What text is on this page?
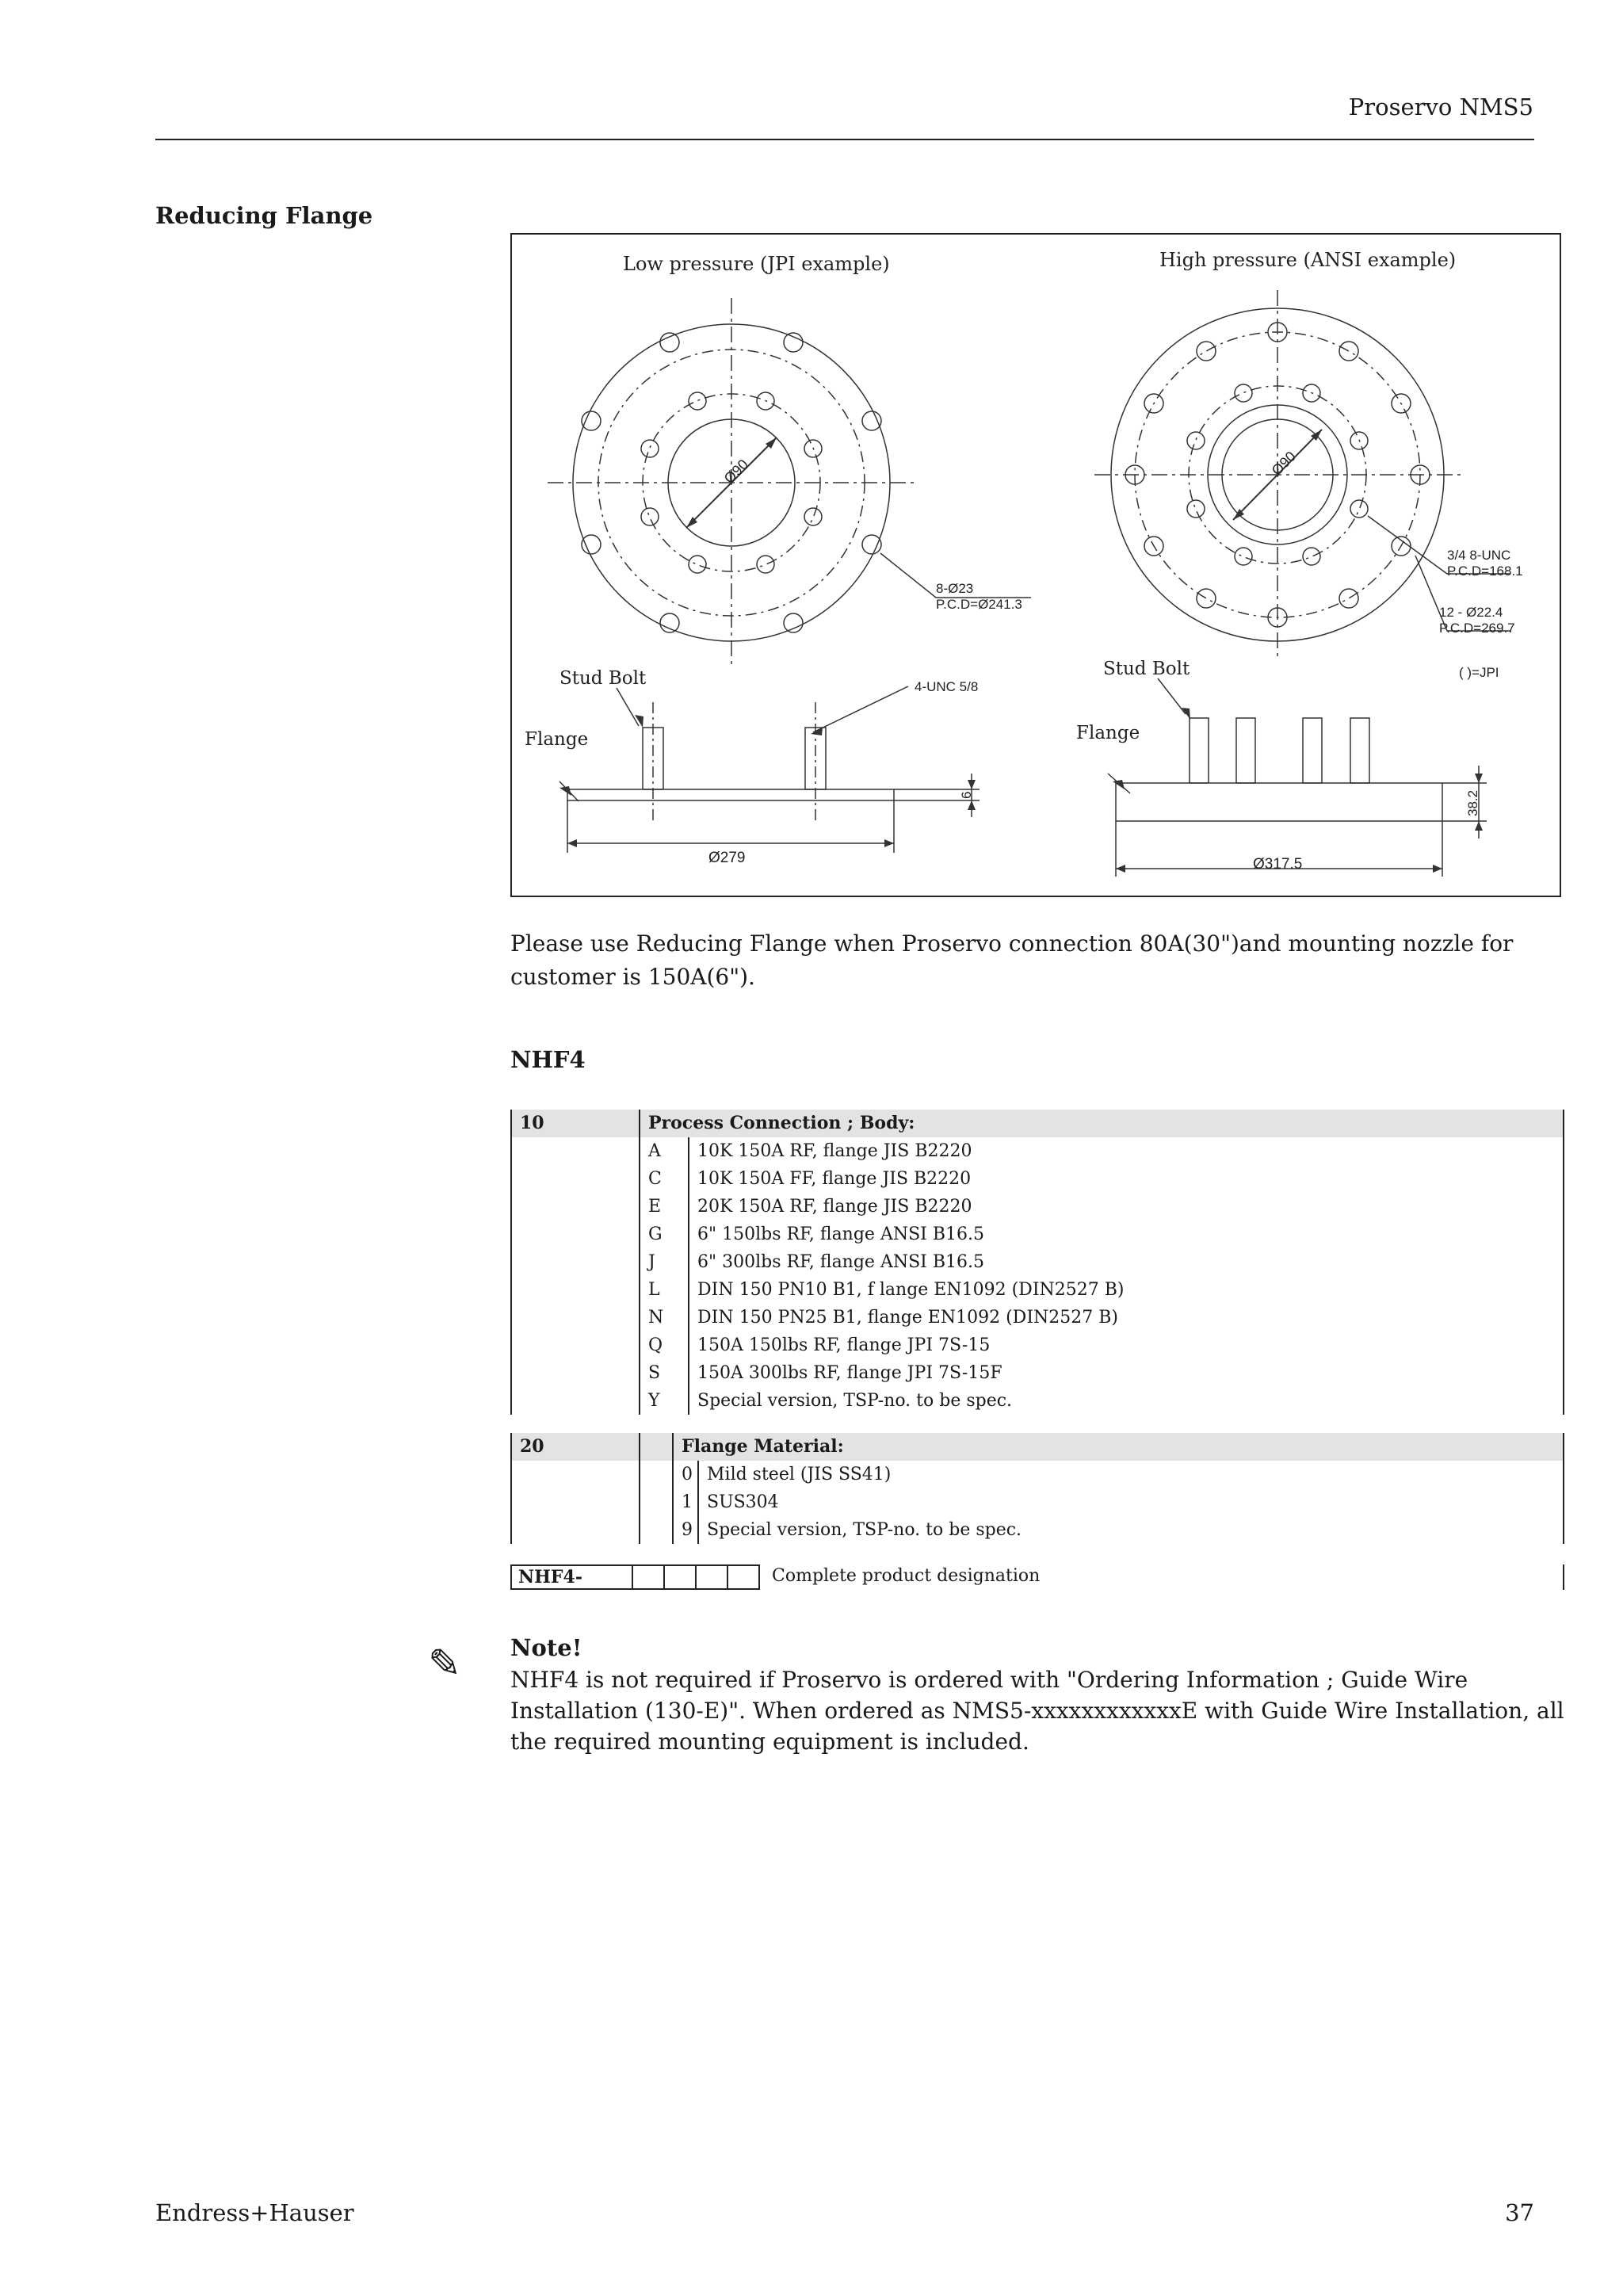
Proservo NMS5
Reducing Flange
Low pressure (JPI example)	High pressure (ANSI example)
Ø90	Ø90
8-Ø23
P.C.D=Ø241.3
3/4 8-UNC
P.C.D=168.1
12 - Ø22.4
P.C.D=269.7
( )=JPI
Stud Bolt	Stud Bolt
Flange	Flange
4-UNC 5/8
6	38.2
Ø279	Ø317.5
Please use Reducing Flange when Proservo connection 80A(30")and mounting nozzle for customer is 150A(6").
NHF4
10	Process Connection ; Body:	
	A	10K 150A RF, flange JIS B2220
	C	10K 150A FF, flange JIS B2220
	E	20K 150A RF, flange JIS B2220
	G	6" 150lbs RF, flange ANSI B16.5
	J	6" 300lbs RF, flange ANSI B16.5
	L	DIN 150 PN10 B1, f lange EN1092 (DIN2527 B)
	N	DIN 150 PN25 B1, flange EN1092 (DIN2527 B)
	Q	150A 150lbs RF, flange JPI 7S-15
	S	150A 300lbs RF, flange JPI 7S-15F
	Y	Special version, TSP-no. to be spec.
20		Flange Material:	
		0	Mild steel (JIS SS41)
		1	SUS304
		9	Special version, TSP-no. to be spec.
NHF4-	Complete product designation
✎ Note!
NHF4 is not required if Proservo is ordered with "Ordering Information ; Guide Wire Installation (130-E)". When ordered as NMS5-xxxxxxxxxxxxE with Guide Wire Installation, all the required mounting equipment is included.
Endress+Hauser	37
